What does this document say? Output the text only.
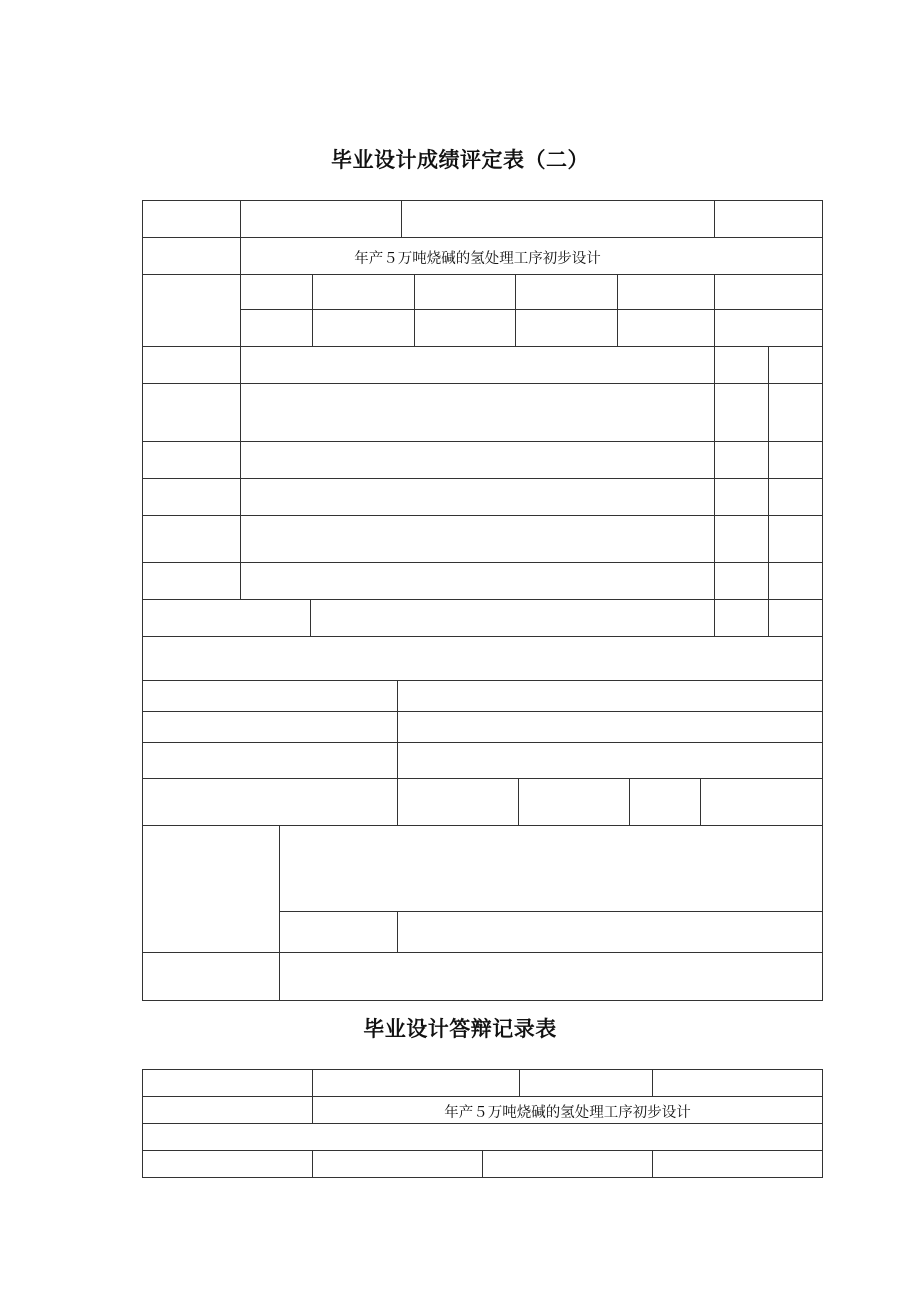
毕业设计成绩评定表（二）
年产５万吨烧碱的氢处理工序初步设计
毕业设计答辩记录表
年产５万吨烧碱的氢处理工序初步设计
